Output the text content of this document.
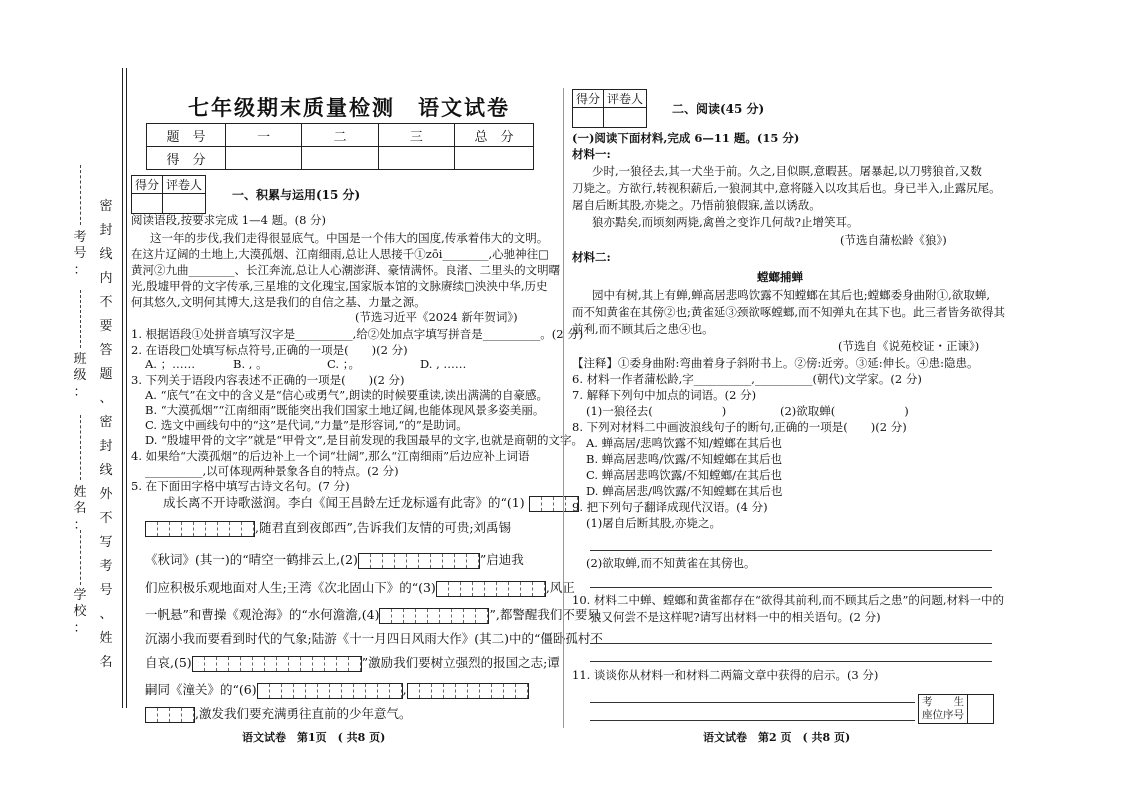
密
封
线
内
不
要
答
题
、
密
封
线
外
不
写
考
号
、
姓
名
考
号
：
班
级
：
姓
名
：
学
校
：
七年级期末质量检测　语文试卷
题　号	一	二	三	总　分
得　分				
得分	评卷人

一、积累与运用(15 分)
阅读语段,按要求完成 1—4 题。(8 分)
这一年的步伐,我们走得很显底气。中国是一个伟大的国度,传承着伟大的文明。
在这片辽阔的土地上,大漠孤烟、江南细雨,总让人思接千①zōi________,心驰神往□
黄河②九曲________、长江奔流,总让人心潮澎湃、豪情满怀。良渚、二里头的文明曙
光,殷墟甲骨的文字传承,三星堆的文化瑰宝,国家版本馆的文脉赓续□泱泱中华,历史
何其悠久,文明何其博大,这是我们的自信之基、力量之源。
(节选习近平《2024 新年贺词》)
1. 根据语段①处拼音填写汉字是__________,给②处加点字填写拼音是__________。(2 分)
2. 在语段□处填写标点符号,正确的一项是(　　)(2 分)
A. ；……	B. , 。	C. ；。	D. , ……
3. 下列关于语段内容表述不正确的一项是(　　)(2 分)
A. “底气”在文中的含义是“信心或勇气”,朗读的时候要重读,读出满满的自豪感。
B. “大漠孤烟”“江南细雨”既能突出我们国家土地辽阔,也能体现风景多姿美丽。
C. 选文中画线句中的“这”是代词,“力量”是形容词,“的”是助词。
D. “殷墟甲骨的文字”就是“甲骨文”,是目前发现的我国最早的文字,也就是商朝的文字。
4. 如果给“大漠孤烟”的后边补上一个词“壮阔”,那么“江南细雨”后边应补上词语
__________,以可体现两种景象各自的特点。(2 分)
5. 在下面田字格中填写古诗文名句。(7 分)
成长离不开诗歌滋润。李白《闻王昌龄左迁龙标遥有此寄》的“(1)
,随君直到夜郎西”,告诉我们友情的可贵;刘禹锡
《秋词》(其一)的“晴空一鹤排云上,(2)	”启迪我
们应积极乐观地面对人生;王湾《次北固山下》的“(3)	,风正
一帆悬”和曹操《观沧海》的“水何澹澹,(4)	”,都警醒我们不要只
沉溺小我而要看到时代的气象;陆游《十一月四日风雨大作》(其二)中的“僵卧孤村不
自哀,(5)	”激励我们要树立强烈的报国之志;谭
嗣同《潼关》的“(6)	,
,激发我们要充满勇往直前的少年意气。
语文试卷　第1页　( 共8 页)
得分	评卷人

二、阅读(45 分)
(一)阅读下面材料,完成 6—11 题。(15 分)
材料一:
少时,一狼径去,其一犬坐于前。久之,目似瞑,意暇甚。屠暴起,以刀劈狼首,又数
刀毙之。方欲行,转视积薪后,一狼洞其中,意将隧入以攻其后也。身已半入,止露尻尾。
屠自后断其股,亦毙之。乃悟前狼假寐,盖以诱敌。
狼亦黠矣,而顷刻两毙,禽兽之变诈几何哉?止增笑耳。
(节选自蒲松龄《狼》)
材料二:
螳螂捕蝉
园中有树,其上有蝉,蝉高居悲鸣饮露不知螳螂在其后也;螳螂委身曲附①,欲取蝉,
而不知黄雀在其傍②也;黄雀延③颈欲啄螳螂,而不知弹丸在其下也。此三者皆务欲得其
前利,而不顾其后之患④也。
(节选自《说苑校证・正谏》)
【注释】①委身曲附:弯曲着身子斜附书上。②傍:近旁。③延:伸长。④患:隐患。
6. 材料一作者蒲松龄,字__________,__________(朝代)文学家。(2 分)
7. 解释下列句中加点的词语。(2 分)
(1)一狼径去(　　　　　　)	(2)欲取蝉(　　　　　　)
8. 下列对材料二中画波浪线句子的断句,正确的一项是(　　)(2 分)
A. 蝉高居/悲鸣饮露不知/螳螂在其后也
B. 蝉高居悲鸣/饮露/不知螳螂在其后也
C. 蝉高居悲鸣饮露/不知螳螂/在其后也
D. 蝉高居悲/鸣饮露/不知螳螂在其后也
9. 把下列句子翻译成现代汉语。(4 分)
(1)屠自后断其股,亦毙之。
(2)欲取蝉,而不知黄雀在其傍也。
10. 材料二中蝉、螳螂和黄雀都存在“欲得其前利,而不顾其后之患”的问题,材料一中的
狼又何尝不是这样呢?请写出材料一中的相关语句。(2 分)
11. 谈谈你从材料一和材料二两篇文章中获得的启示。(3 分)
考　　生
座位序号
语文试卷　第2 页　( 共8 页)
